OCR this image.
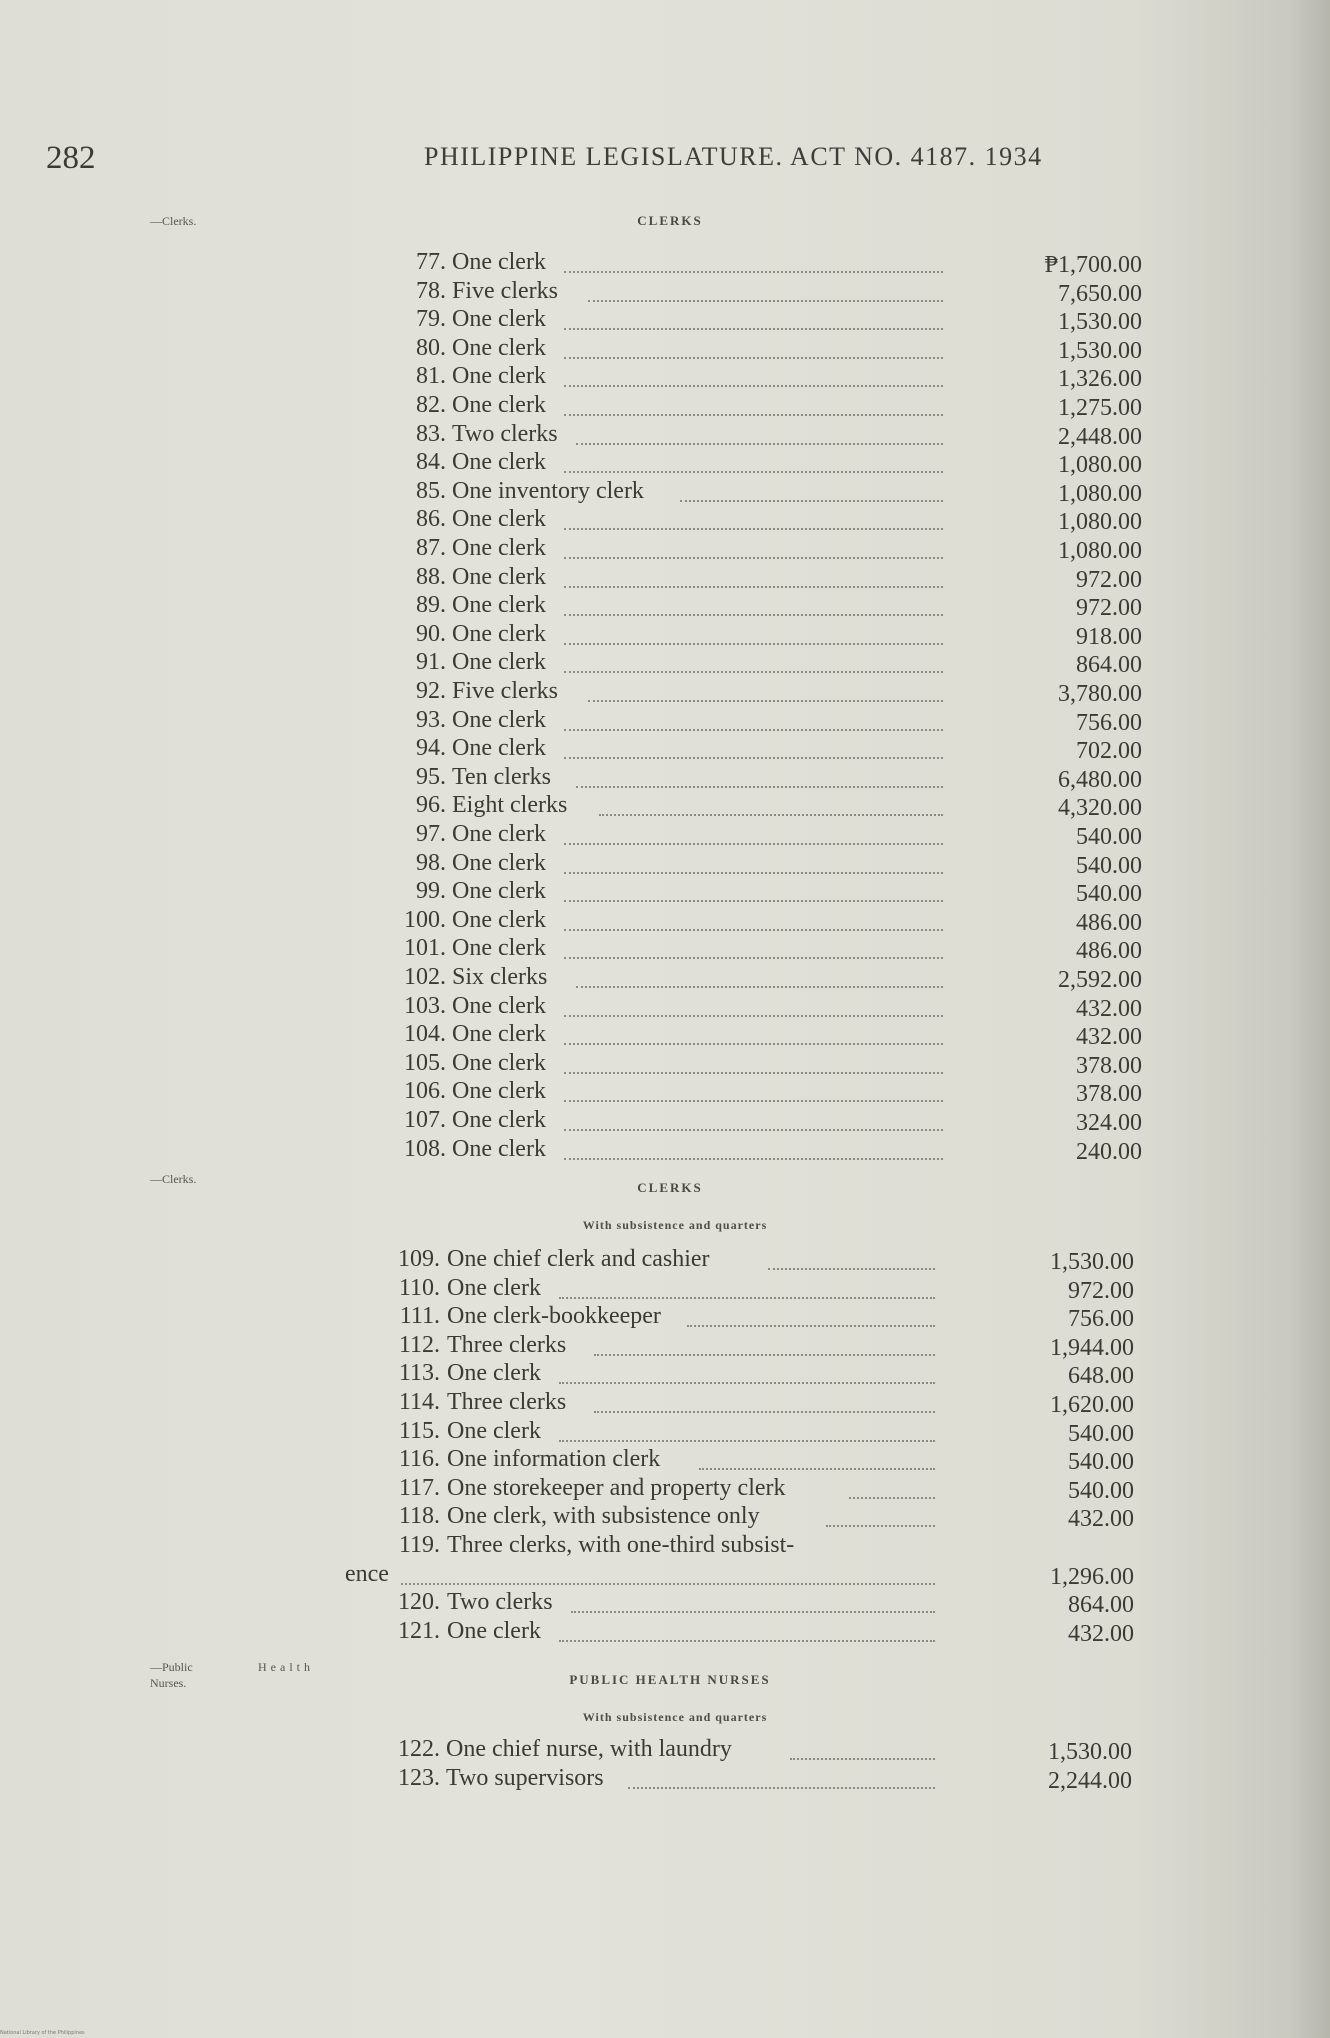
282	PHILIPPINE LEGISLATURE. ACT NO. 4187. 1934
—Clerks.	CLERKS
77. One clerk	₱1,700.00
78. Five clerks	7,650.00
79. One clerk	1,530.00
80. One clerk	1,530.00
81. One clerk	1,326.00
82. One clerk	1,275.00
83. Two clerks	2,448.00
84. One clerk	1,080.00
85. One inventory clerk	1,080.00
86. One clerk	1,080.00
87. One clerk	1,080.00
88. One clerk	972.00
89. One clerk	972.00
90. One clerk	918.00
91. One clerk	864.00
92. Five clerks	3,780.00
93. One clerk	756.00
94. One clerk	702.00
95. Ten clerks	6,480.00
96. Eight clerks	4,320.00
97. One clerk	540.00
98. One clerk	540.00
99. One clerk	540.00
100. One clerk	486.00
101. One clerk	486.00
102. Six clerks	2,592.00
103. One clerk	432.00
104. One clerk	432.00
105. One clerk	378.00
106. One clerk	378.00
107. One clerk	324.00
108. One clerk	240.00
—Clerks.
CLERKS
With subsistence and quarters
109. One chief clerk and cashier	1,530.00
110. One clerk	972.00
111. One clerk-bookkeeper	756.00
112. Three clerks	1,944.00
113. One clerk	648.00
114. Three clerks	1,620.00
115. One clerk	540.00
116. One information clerk	540.00
117. One storekeeper and property clerk	540.00
118. One clerk, with subsistence only	432.00
119. Three clerks, with one-third subsist-
ence	1,296.00
120. Two clerks	864.00
121. One clerk	432.00
—Public	Health
Nurses.	PUBLIC HEALTH NURSES
With subsistence and quarters
122. One chief nurse, with laundry	1,530.00
123. Two supervisors	2,244.00
National Library of the Philippines
